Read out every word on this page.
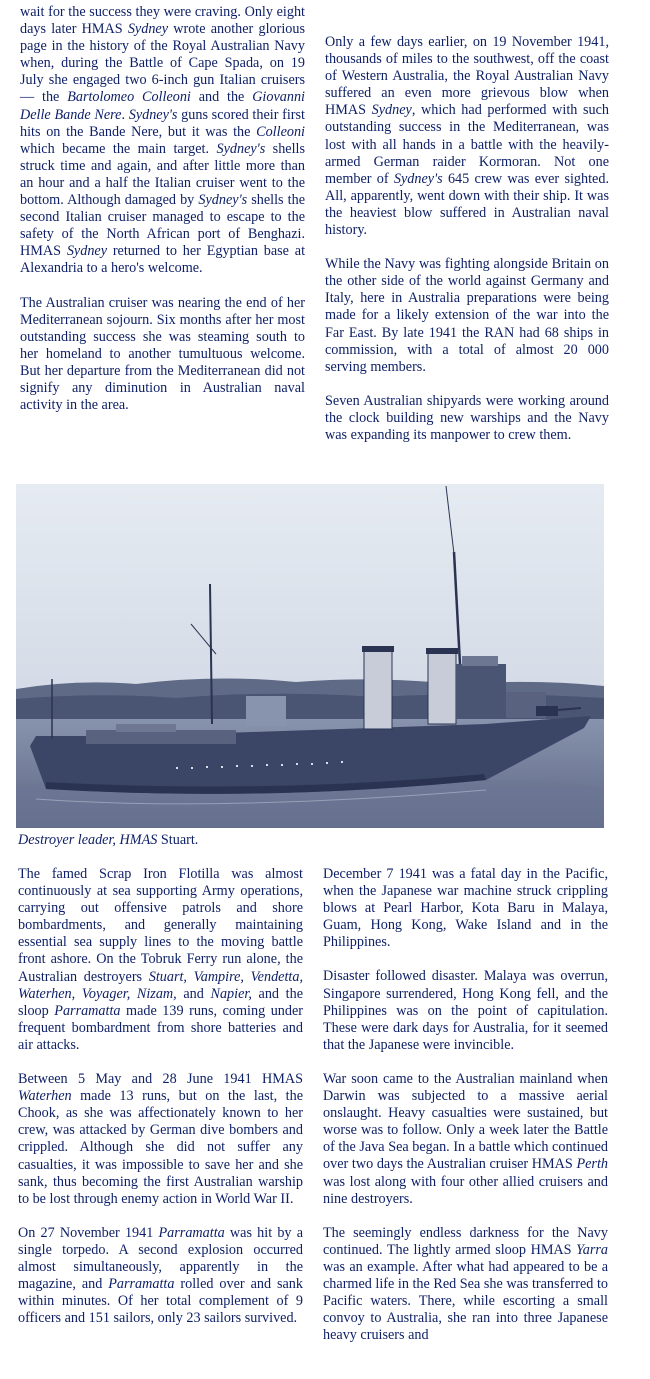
wait for the success they were craving. Only eight days later HMAS Sydney wrote another glorious page in the history of the Royal Australian Navy when, during the Battle of Cape Spada, on 19 July she engaged two 6-inch gun Italian cruisers — the Bartolomeo Colleoni and the Giovanni Delle Bande Nere. Sydney's guns scored their first hits on the Bande Nere, but it was the Colleoni which became the main target. Sydney's shells struck time and again, and after little more than an hour and a half the Italian cruiser went to the bottom. Although damaged by Sydney's shells the second Italian cruiser managed to escape to the safety of the North African port of Benghazi. HMAS Sydney returned to her Egyptian base at Alexandria to a hero's welcome.

The Australian cruiser was nearing the end of her Mediterranean sojourn. Six months after her most outstanding success she was steaming south to her homeland to another tumultuous welcome. But her departure from the Mediterranean did not signify any diminution in Australian naval activity in the area.

Only a few days earlier, on 19 November 1941, thousands of miles to the southwest, off the coast of Western Australia, the Royal Australian Navy suffered an even more grievous blow when HMAS Sydney, which had performed with such outstanding success in the Mediterranean, was lost with all hands in a battle with the heavily-armed German raider Kormoran. Not one member of Sydney's 645 crew was ever sighted. All, apparently, went down with their ship. It was the heaviest blow suffered in Australian naval history.

While the Navy was fighting alongside Britain on the other side of the world against Germany and Italy, here in Australia preparations were being made for a likely extension of the war into the Far East. By late 1941 the RAN had 68 ships in commission, with a total of almost 20 000 serving members.

Seven Australian shipyards were working around the clock building new warships and the Navy was expanding its manpower to crew them.

Destroyer leader, HMAS Stuart.

The famed Scrap Iron Flotilla was almost continuously at sea supporting Army operations, carrying out offensive patrols and shore bombardments, and generally maintaining essential sea supply lines to the moving battle front ashore. On the Tobruk Ferry run alone, the Australian destroyers Stuart, Vampire, Vendetta, Waterhen, Voyager, Nizam, and Napier, and the sloop Parramatta made 139 runs, coming under frequent bombardment from shore batteries and air attacks.

Between 5 May and 28 June 1941 HMAS Waterhen made 13 runs, but on the last, the Chook, as she was affectionately known to her crew, was attacked by German dive bombers and crippled. Although she did not suffer any casualties, it was impossible to save her and she sank, thus becoming the first Australian warship to be lost through enemy action in World War II.

On 27 November 1941 Parramatta was hit by a single torpedo. A second explosion occurred almost simultaneously, apparently in the magazine, and Parramatta rolled over and sank within minutes. Of her total complement of 9 officers and 151 sailors, only 23 sailors survived.

December 7 1941 was a fatal day in the Pacific, when the Japanese war machine struck crippling blows at Pearl Harbor, Kota Baru in Malaya, Guam, Hong Kong, Wake Island and in the Philippines.

Disaster followed disaster. Malaya was overrun, Singapore surrendered, Hong Kong fell, and the Philippines was on the point of capitulation. These were dark days for Australia, for it seemed that the Japanese were invincible.

War soon came to the Australian mainland when Darwin was subjected to a massive aerial onslaught. Heavy casualties were sustained, but worse was to follow. Only a week later the Battle of the Java Sea began. In a battle which continued over two days the Australian cruiser HMAS Perth was lost along with four other allied cruisers and nine destroyers.

The seemingly endless darkness for the Navy continued. The lightly armed sloop HMAS Yarra was an example. After what had appeared to be a charmed life in the Red Sea she was transferred to Pacific waters. There, while escorting a small convoy to Australia, she ran into three Japanese heavy cruisers and
